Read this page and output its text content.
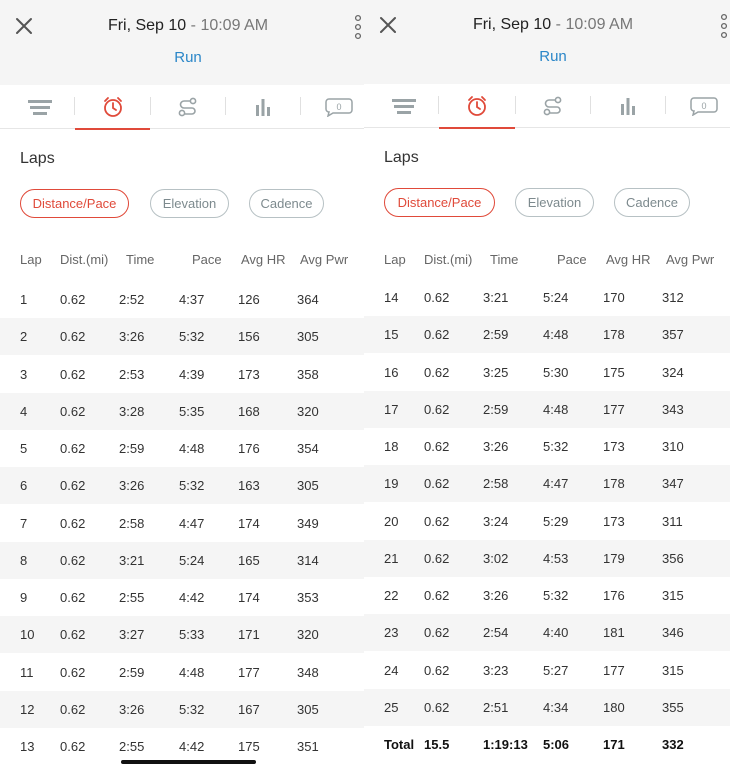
Fri, Sep 10 - 10:09 AM
Run
0
Laps
Distance/Pace	Elevation	Cadence
Lap Dist.(mi) Time	Pace Avg HR Avg Pwr
1	0.62	2:52	4:37	126	364
2	0.62	3:26	5:32	156	305
3	0.62	2:53	4:39	173	358
4	0.62	3:28	5:35	168	320
5	0.62	2:59	4:48	176	354
6	0.62	3:26	5:32	163	305
7	0.62	2:58	4:47	174	349
8	0.62	3:21	5:24	165	314
9	0.62	2:55	4:42	174	353
10 0.62	3:27	5:33	171	320
11 0.62	2:59	4:48	177	348
12 0.62	3:26	5:32	167	305
13 0.62	2:55	4:42	175	351
Fri, Sep 10 - 10:09 AM
Run
0
Laps
Distance/Pace	Elevation	Cadence
Lap Dist.(mi) Time	Pace Avg HR Avg Pwr
14 0.62	3:21	5:24	170	312
15 0.62	2:59	4:48	178	357
16 0.62	3:25	5:30	175	324
17 0.62	2:59	4:48	177	343
18 0.62	3:26	5:32	173	310
19 0.62	2:58	4:47	178	347
20 0.62	3:24	5:29	173	311
21 0.62	3:02	4:53	179	356
22 0.62	3:26	5:32	176	315
23 0.62	2:54	4:40	181	346
24 0.62	3:23	5:27	177	315
25 0.62	2:51	4:34	180	355
Total 15.5	1:19:13 5:06	171	332
